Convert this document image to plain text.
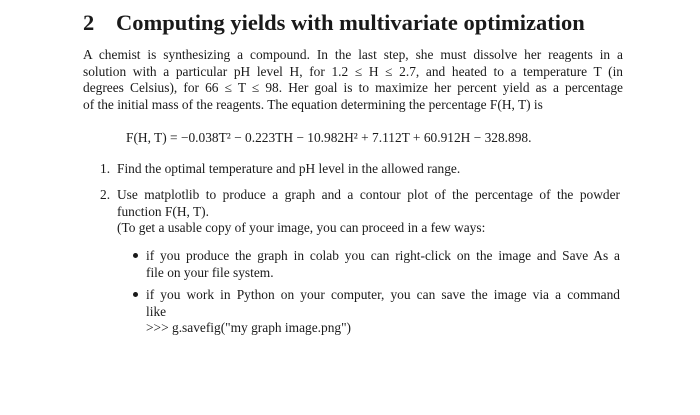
2 Computing yields with multivariate optimization
A chemist is synthesizing a compound. In the last step, she must dissolve her reagents in a
solution with a particular pH level H, for 1.2 ≤ H ≤ 2.7, and heated to a temperature T (in
degrees Celsius), for 66 ≤ T ≤ 98. Her goal is to maximize her percent yield as a percentage
of the initial mass of the reagents. The equation determining the percentage F(H, T) is
F(H, T) = −0.038T² − 0.223TH − 10.982H² + 7.112T + 60.912H − 328.898.
1. Find the optimal temperature and pH level in the allowed range.
2. Use matplotlib to produce a graph and a contour plot of the percentage of the powder
function F(H, T).
(To get a usable copy of your image, you can proceed in a few ways:
if you produce the graph in colab you can right-click on the image and Save As a
file on your file system.
if you work in Python on your computer, you can save the image via a command
like
>>> g.savefig("my graph image.png")
